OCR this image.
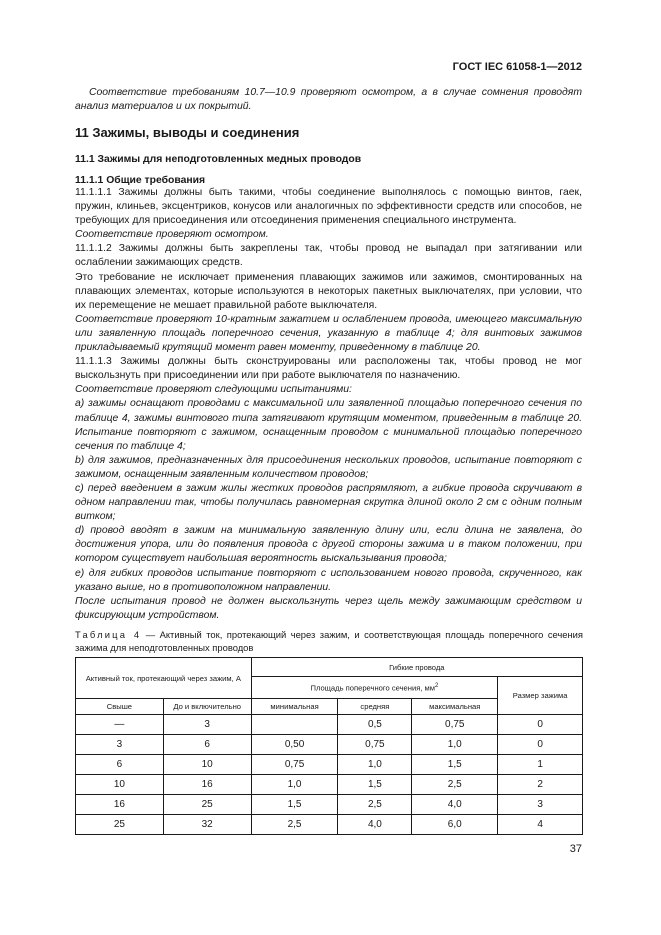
ГОСТ IEC 61058-1—2012

Соответствие требованиям 10.7—10.9 проверяют осмотром, а в случае сомнения проводят анализ материалов и их покрытий.

11 Зажимы, выводы и соединения
11.1 Зажимы для неподготовленных медных проводов
11.1.1 Общие требования

11.1.1.1 Зажимы должны быть такими, чтобы соединение выполнялось с помощью винтов, гаек, пружин, клиньев, эксцентриков, конусов или аналогичных по эффективности средств или способов, не требующих для присоединения или отсоединения применения специального инструмента.

Соответствие проверяют осмотром.

11.1.1.2 Зажимы должны быть закреплены так, чтобы провод не выпадал при затягивании или ослаблении зажимающих средств.

Это требование не исключает применения плавающих зажимов или зажимов, смонтированных на плавающих элементах, которые используются в некоторых пакетных выключателях, при условии, что их перемещение не мешает правильной работе выключателя.

Соответствие проверяют 10-кратным зажатием и ослаблением провода, имеющего максимальную или заявленную площадь поперечного сечения, указанную в таблице 4; для винтовых зажимов прикладываемый крутящий момент равен моменту, приведенному в таблице 20.

11.1.1.3 Зажимы должны быть сконструированы или расположены так, чтобы провод не мог выскользнуть при присоединении или при работе выключателя по назначению.

Соответствие проверяют следующими испытаниями:

a) зажимы оснащают проводами с максимальной или заявленной площадью поперечного сечения по таблице 4, зажимы винтового типа затягивают крутящим моментом, приведенным в таблице 20. Испытание повторяют с зажимом, оснащенным проводом с минимальной площадью поперечного сечения по таблице 4;

b) для зажимов, предназначенных для присоединения нескольких проводов, испытание повторяют с зажимом, оснащенным заявленным количеством проводов;

c) перед введением в зажим жилы жестких проводов распрямляют, а гибкие провода скручивают в одном направлении так, чтобы получилась равномерная скрутка длиной около 2 см с одним полным витком;

d) провод вводят в зажим на минимальную заявленную длину или, если длина не заявлена, до достижения упора, или до появления провода с другой стороны зажима и в таком положении, при котором существует наибольшая вероятность выскальзывания провода;

e) для гибких проводов испытание повторяют с использованием нового провода, скрученного, как указано выше, но в противоположном направлении.

После испытания провод не должен выскользнуть через щель между зажимающим средством и фиксирующим устройством.

Таблица 4 — Активный ток, протекающий через зажим, и соответствующая площадь поперечного сечения зажима для неподготовленных проводов
Активный ток, протекающий через зажим, А		Гибкие провода			
		Площадь поперечного сечения, $мм^2$			Размер зажима
Свыше	До и включительно	минимальная	средняя	максимальная	
—	3		0,5	0,75	0
3	6	0,50	0,75	1,0	0
6	10	0,75	1,0	1,5	1
10	16	1,0	1,5	2,5	2
16	25	1,5	2,5	4,0	3
25	32	2,5	4,0	6,0	4
37
